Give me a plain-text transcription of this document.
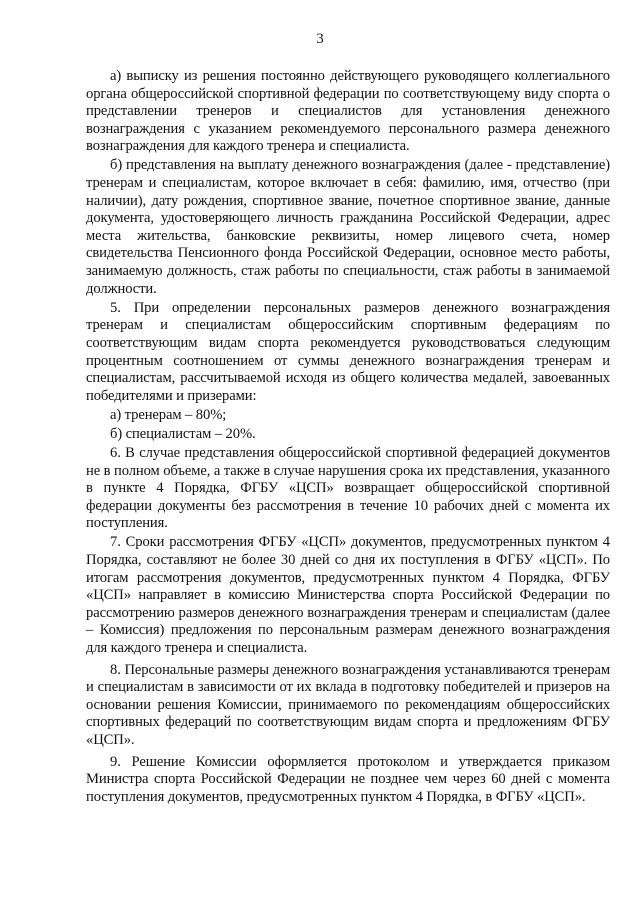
3

а) выписку из решения постоянно действующего руководящего коллегиального органа общероссийской спортивной федерации по соответствующему виду спорта о представлении тренеров и специалистов для установления денежного вознаграждения с указанием рекомендуемого персонального размера денежного вознаграждения для каждого тренера и специалиста.

б) представления на выплату денежного вознаграждения (далее - представление) тренерам и специалистам, которое включает в себя: фамилию, имя, отчество (при наличии), дату рождения, спортивное звание, почетное спортивное звание, данные документа, удостоверяющего личность гражданина Российской Федерации, адрес места жительства, банковские реквизиты, номер лицевого счета, номер свидетельства Пенсионного фонда Российской Федерации, основное место работы, занимаемую должность, стаж работы по специальности, стаж работы в занимаемой должности.

5. При определении персональных размеров денежного вознаграждения тренерам и специалистам общероссийским спортивным федерациям по соответствующим видам спорта рекомендуется руководствоваться следующим процентным соотношением от суммы денежного вознаграждения тренерам и специалистам, рассчитываемой исходя из общего количества медалей, завоеванных победителями и призерами:

а) тренерам – 80%;

б) специалистам – 20%.

6. В случае представления общероссийской спортивной федерацией документов не в полном объеме, а также в случае нарушения срока их представления, указанного в пункте 4 Порядка, ФГБУ «ЦСП» возвращает общероссийской спортивной федерации документы без рассмотрения в течение 10 рабочих дней с момента их поступления.

7. Сроки рассмотрения ФГБУ «ЦСП» документов, предусмотренных пунктом 4 Порядка, составляют не более 30 дней со дня их поступления в ФГБУ «ЦСП». По итогам рассмотрения документов, предусмотренных пунктом 4 Порядка, ФГБУ «ЦСП» направляет в комиссию Министерства спорта Российской Федерации по рассмотрению размеров денежного вознаграждения тренерам и специалистам (далее – Комиссия) предложения по персональным размерам денежного вознаграждения для каждого тренера и специалиста.

8. Персональные размеры денежного вознаграждения устанавливаются тренерам и специалистам в зависимости от их вклада в подготовку победителей и призеров на основании решения Комиссии, принимаемого по рекомендациям общероссийских спортивных федераций по соответствующим видам спорта и предложениям ФГБУ «ЦСП».

9. Решение Комиссии оформляется протоколом и утверждается приказом Министра спорта Российской Федерации не позднее чем через 60 дней с момента поступления документов, предусмотренных пунктом 4 Порядка, в ФГБУ «ЦСП».
